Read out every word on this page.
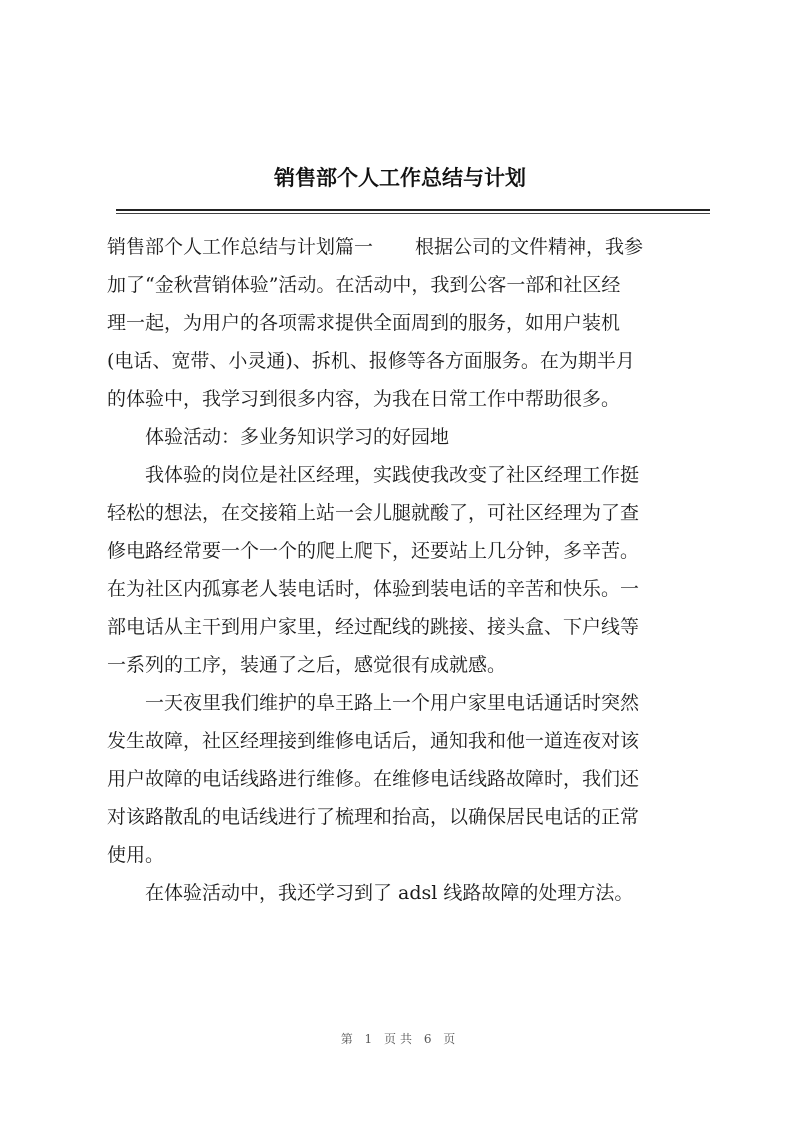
销售部个人工作总结与计划

销售部个人工作总结与计划篇一 根据公司的文件精神，我参

加了“金秋营销体验”活动。在活动中，我到公客一部和社区经

理一起，为用户的各项需求提供全面周到的服务，如用户装机

(电话、宽带、小灵通)、拆机、报修等各方面服务。在为期半月

的体验中，我学习到很多内容，为我在日常工作中帮助很多。

体验活动：多业务知识学习的好园地

我体验的岗位是社区经理，实践使我改变了社区经理工作挺

轻松的想法，在交接箱上站一会儿腿就酸了，可社区经理为了查

修电路经常要一个一个的爬上爬下，还要站上几分钟，多辛苦。

在为社区内孤寡老人装电话时，体验到装电话的辛苦和快乐。一

部电话从主干到用户家里，经过配线的跳接、接头盒、下户线等

一系列的工序，装通了之后，感觉很有成就感。

一天夜里我们维护的阜王路上一个用户家里电话通话时突然

发生故障，社区经理接到维修电话后，通知我和他一道连夜对该

用户故障的电话线路进行维修。在维修电话线路故障时，我们还

对该路散乱的电话线进行了梳理和抬高，以确保居民电话的正常

使用。

在体验活动中，我还学习到了 adsl 线路故障的处理方法。

第 1 页共 6 页
